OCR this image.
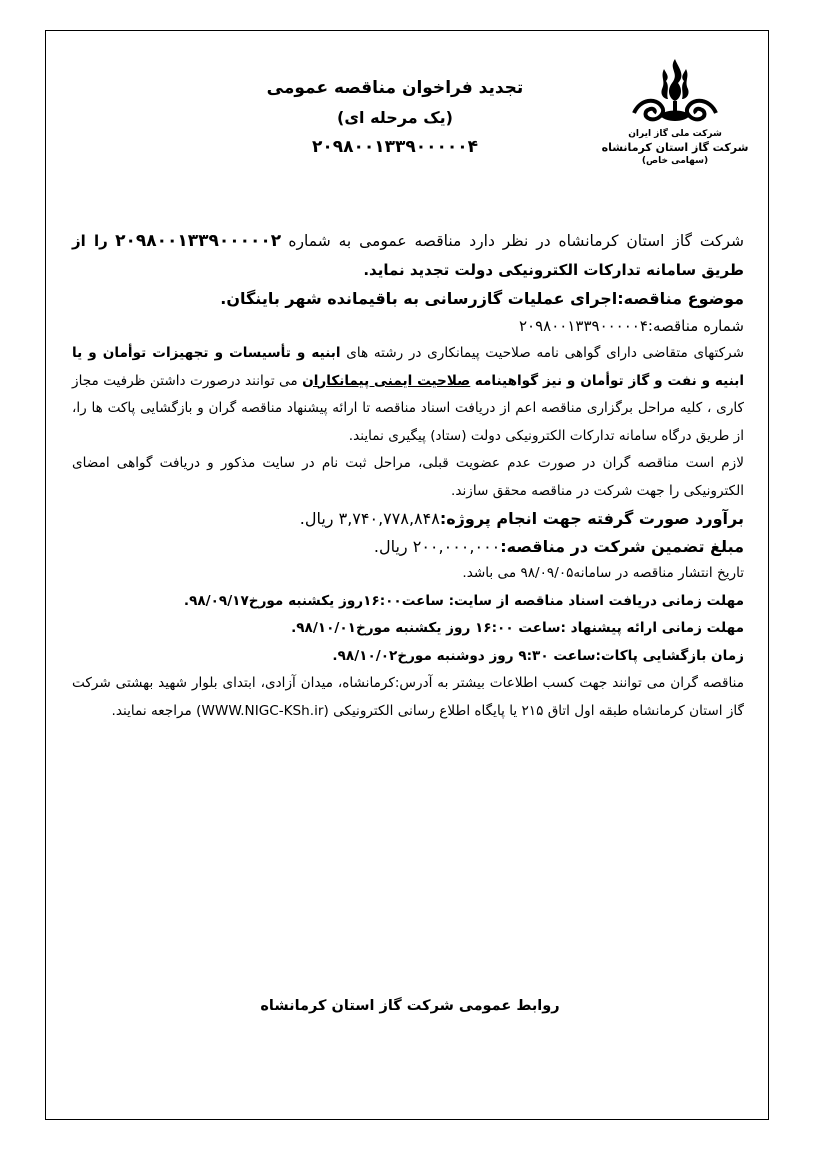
تجدید فراخوان مناقصه عمومی
(یک مرحله ای)
۲۰۹۸۰۰۱۳۳۹۰۰۰۰۰۴
شرکت ملی گاز ایران
شرکت گاز استان کرمانشاه
(سهامی خاص)

شرکت گاز استان کرمانشاه در نظر دارد مناقصه عمومی به شماره ۲۰۹۸۰۰۱۳۳۹۰۰۰۰۰۲ را از طریق سامانه تدارکات الکترونیکی دولت تجدید نماید.

موضوع مناقصه:اجرای عملیات گازرسانی به باقیمانده شهر باینگان.

شماره مناقصه:۲۰۹۸۰۰۱۳۳۹۰۰۰۰۰۴

شرکتهای متقاضی دارای گواهی نامه صلاحیت پیمانکاری در رشته های ابنیه و تأسیسات و تجهیزات توأمان و یا ابنیه و نفت و گاز توأمان و نیز گواهینامه صلاحیت ایمنی پیمانکاران می توانند درصورت داشتن ظرفیت مجاز کاری ، کلیه مراحل برگزاری مناقصه اعم از دریافت اسناد مناقصه تا ارائه پیشنهاد مناقصه گران و بازگشایی پاکت ها را، از طریق درگاه سامانه تدارکات الکترونیکی دولت (ستاد) پیگیری نمایند.

لازم است مناقصه گران در صورت عدم عضویت قبلی، مراحل ثبت نام در سایت مذکور و دریافت گواهی امضای الکترونیکی را جهت شرکت در مناقصه محقق سازند.

برآورد صورت گرفته جهت انجام پروژه:۳,۷۴۰,۷۷۸,۸۴۸ ریال.

مبلغ تضمین شرکت در مناقصه:۲۰۰,۰۰۰,۰۰۰ ریال.

تاریخ انتشار مناقصه در سامانه۹۸/۰۹/۰۵ می باشد.

مهلت زمانی دریافت اسناد مناقصه از سایت: ساعت۱۶:۰۰روز یکشنبه مورخ۹۸/۰۹/۱۷.

مهلت زمانی ارائه پیشنهاد :ساعت ۱۶:۰۰ روز یکشنبه مورخ۹۸/۱۰/۰۱.

زمان بازگشایی پاکات:ساعت ۹:۳۰ روز دوشنبه مورخ۹۸/۱۰/۰۲.

مناقصه گران می توانند جهت کسب اطلاعات بیشتر به آدرس:کرمانشاه، میدان آزادی، ابتدای بلوار شهید بهشتی شرکت گاز استان کرمانشاه طبقه اول اتاق ۲۱۵ یا پایگاه اطلاع رسانی الکترونیکی (WWW.NIGC-KSh.ir) مراجعه نمایند.

روابط عمومی شرکت گاز استان کرمانشاه
